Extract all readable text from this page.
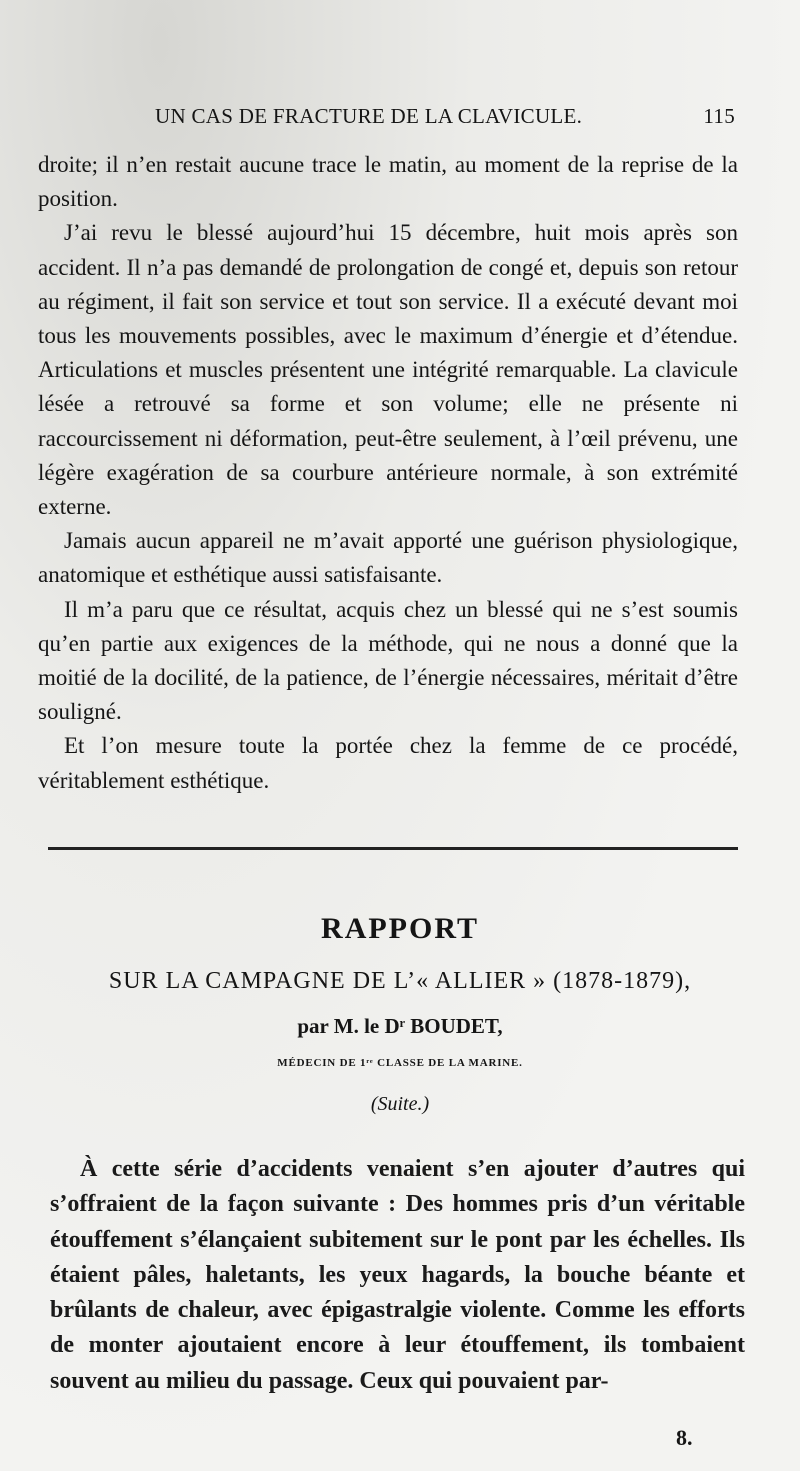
UN CAS DE FRACTURE DE LA CLAVICULE.	115

droite; il n’en restait aucune trace le matin, au moment de la reprise de la position.

J’ai revu le blessé aujourd’hui 15 décembre, huit mois après son accident. Il n’a pas demandé de prolongation de congé et, depuis son retour au régiment, il fait son service et tout son service. Il a exécuté devant moi tous les mouvements possibles, avec le maximum d’énergie et d’étendue. Articulations et muscles présentent une intégrité remarquable. La clavicule lésée a retrouvé sa forme et son volume; elle ne présente ni raccourcissement ni déformation, peut-être seulement, à l’œil prévenu, une légère exagération de sa courbure antérieure normale, à son extrémité externe.

Jamais aucun appareil ne m’avait apporté une guérison physiologique, anatomique et esthétique aussi satisfaisante.

Il m’a paru que ce résultat, acquis chez un blessé qui ne s’est soumis qu’en partie aux exigences de la méthode, qui ne nous a donné que la moitié de la docilité, de la patience, de l’énergie nécessaires, méritait d’être souligné.

Et l’on mesure toute la portée chez la femme de ce procédé, véritablement esthétique.

RAPPORT
SUR LA CAMPAGNE DE L’« ALLIER » (1878-1879),
par M. le Dʳ BOUDET,
MÉDECIN DE 1ʳᵉ CLASSE DE LA MARINE.
(Suite.)

À cette série d’accidents venaient s’en ajouter d’autres qui s’offraient de la façon suivante : Des hommes pris d’un véritable étouffement s’élançaient subitement sur le pont par les échelles. Ils étaient pâles, haletants, les yeux hagards, la bouche béante et brûlants de chaleur, avec épigastralgie violente. Comme les efforts de monter ajoutaient encore à leur étouffement, ils tombaient souvent au milieu du passage. Ceux qui pouvaient par-

8.
